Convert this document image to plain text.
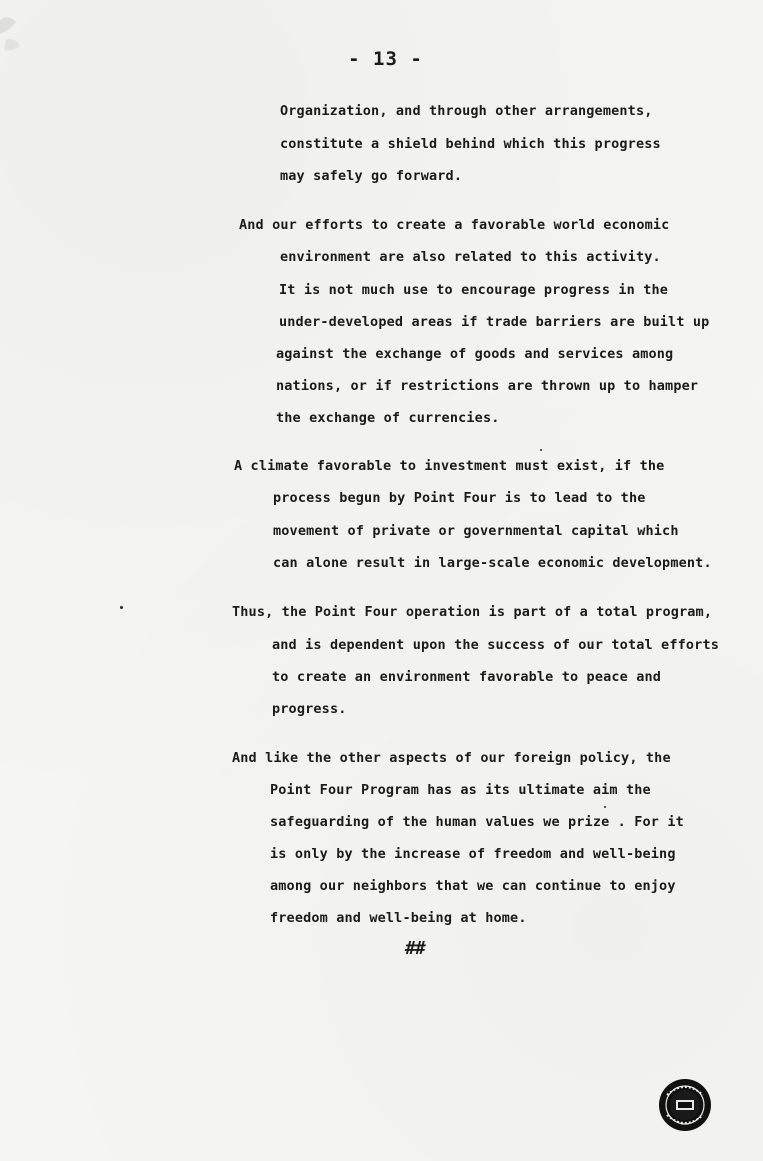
- 13 -
Organization, and through other arrangements,
constitute a shield behind which this progress
may safely go forward.
And our efforts to create a favorable world economic
environment are also related to this activity.
It is not much use to encourage progress in the
under-developed areas if trade barriers are built up
against the exchange of goods and services among
nations, or if restrictions are thrown up to hamper
the exchange of currencies.
A climate favorable to investment must exist, if the
process begun by Point Four is to lead to the
movement of private or governmental capital which
can alone result in large-scale economic development.
Thus, the Point Four operation is part of a total program,
and is dependent upon the success of our total efforts
to create an environment favorable to peace and
progress.
And like the other aspects of our foreign policy, the
Point Four Program has as its ultimate aim the
safeguarding of the human values we prize . For it
is only by the increase of freedom and well-being
among our neighbors that we can continue to enjoy
freedom and well-being at home.
##
